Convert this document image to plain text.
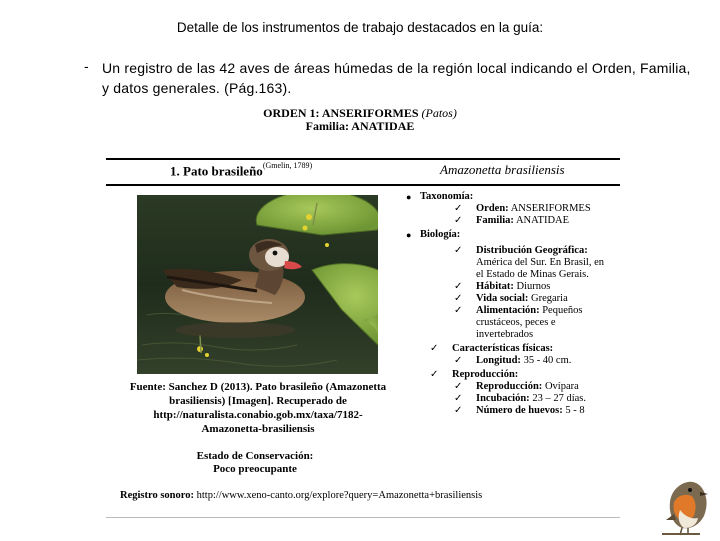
Detalle de los instrumentos de trabajo destacados en la guía:
- Un registro de las 42 aves de áreas húmedas de la región local indicando el Orden, Familia, y datos generales. (Pág.163).
ORDEN 1: ANSERIFORMES (Patos)
Familia: ANATIDAE
1. Pato brasileño$^{(Gmelin, 1789)}$	Amazonetta brasiliensis
Fuente: Sanchez D (2013). Pato brasileño (Amazonetta
brasiliensis) [Imagen]. Recuperado de
http://naturalista.conabio.gob.mx/taxa/7182-
Amazonetta-brasiliensis
Estado de Conservación:
Poco preocupante
Registro sonoro: http://www.xeno-canto.org/explore?query=Amazonetta+brasiliensis
● Taxonomía:
✓	Orden: ANSERIFORMES
✓	Familia: ANATIDAE
● Biología:
✓	Distribución Geográfica: América del Sur. En Brasil, en el Estado de Minas Gerais.
✓	Hábitat: Diurnos
✓	Vida social: Gregaria
✓	Alimentación: Pequeños crustáceos, peces e invertebrados
✓	Características físicas:
✓	Longitud: 35 - 40 cm.
✓	Reproducción:
✓	Reproducción: Ovípara
✓	Incubación: 23 – 27 días.
✓	Número de huevos: 5 - 8
